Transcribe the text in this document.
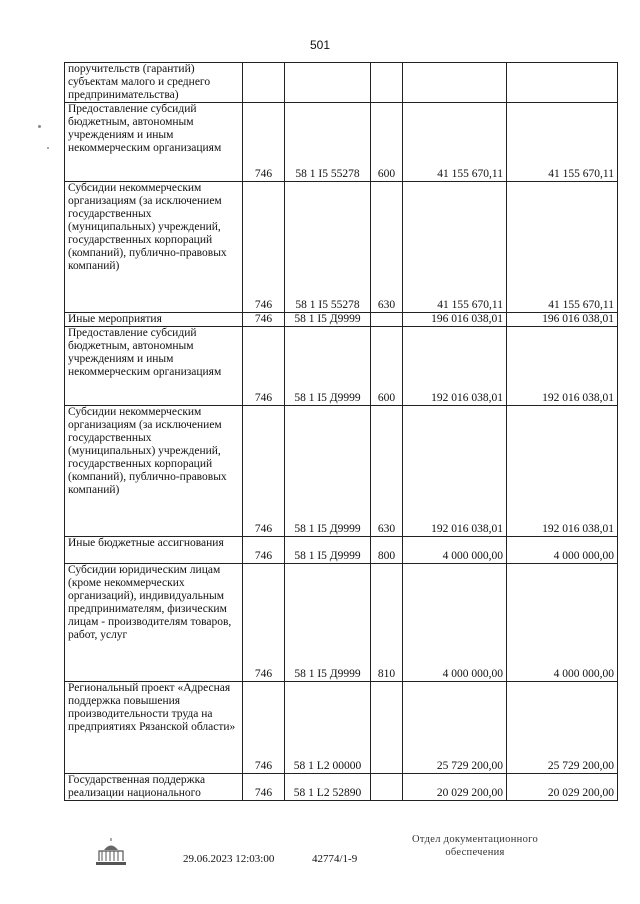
501
поручительств (гарантий) субъектам малого и среднего предпринимательства)					
Предоставление субсидий бюджетным, автономным учреждениям и иным некоммерческим организациям	746	58 1 I5 55278	600	41 155 670,11	41 155 670,11
Субсидии некоммерческим организациям (за исключением государственных (муниципальных) учреждений, государственных корпораций (компаний), публично-правовых компаний)	746	58 1 I5 55278	630	41 155 670,11	41 155 670,11
Иные мероприятия	746	58 1 I5 Д9999		196 016 038,01	196 016 038,01
Предоставление субсидий бюджетным, автономным учреждениям и иным некоммерческим организациям	746	58 1 I5 Д9999	600	192 016 038,01	192 016 038,01
Субсидии некоммерческим организациям (за исключением государственных (муниципальных) учреждений, государственных корпораций (компаний), публично-правовых компаний)	746	58 1 I5 Д9999	630	192 016 038,01	192 016 038,01
Иные бюджетные ассигнования	746	58 1 I5 Д9999	800	4 000 000,00	4 000 000,00
Субсидии юридическим лицам (кроме некоммерческих организаций), индивидуальным предпринимателям, физическим лицам - производителям товаров, работ, услуг	746	58 1 I5 Д9999	810	4 000 000,00	4 000 000,00
Региональный проект «Адресная поддержка повышения производительности труда на предприятиях Рязанской области»	746	58 1 L2 00000		25 729 200,00	25 729 200,00
Государственная поддержка реализации национального	746	58 1 L2 52890		20 029 200,00	20 029 200,00
29.06.2023 12:03:00	42774/1-9
Отдел документационного
обеспечения
